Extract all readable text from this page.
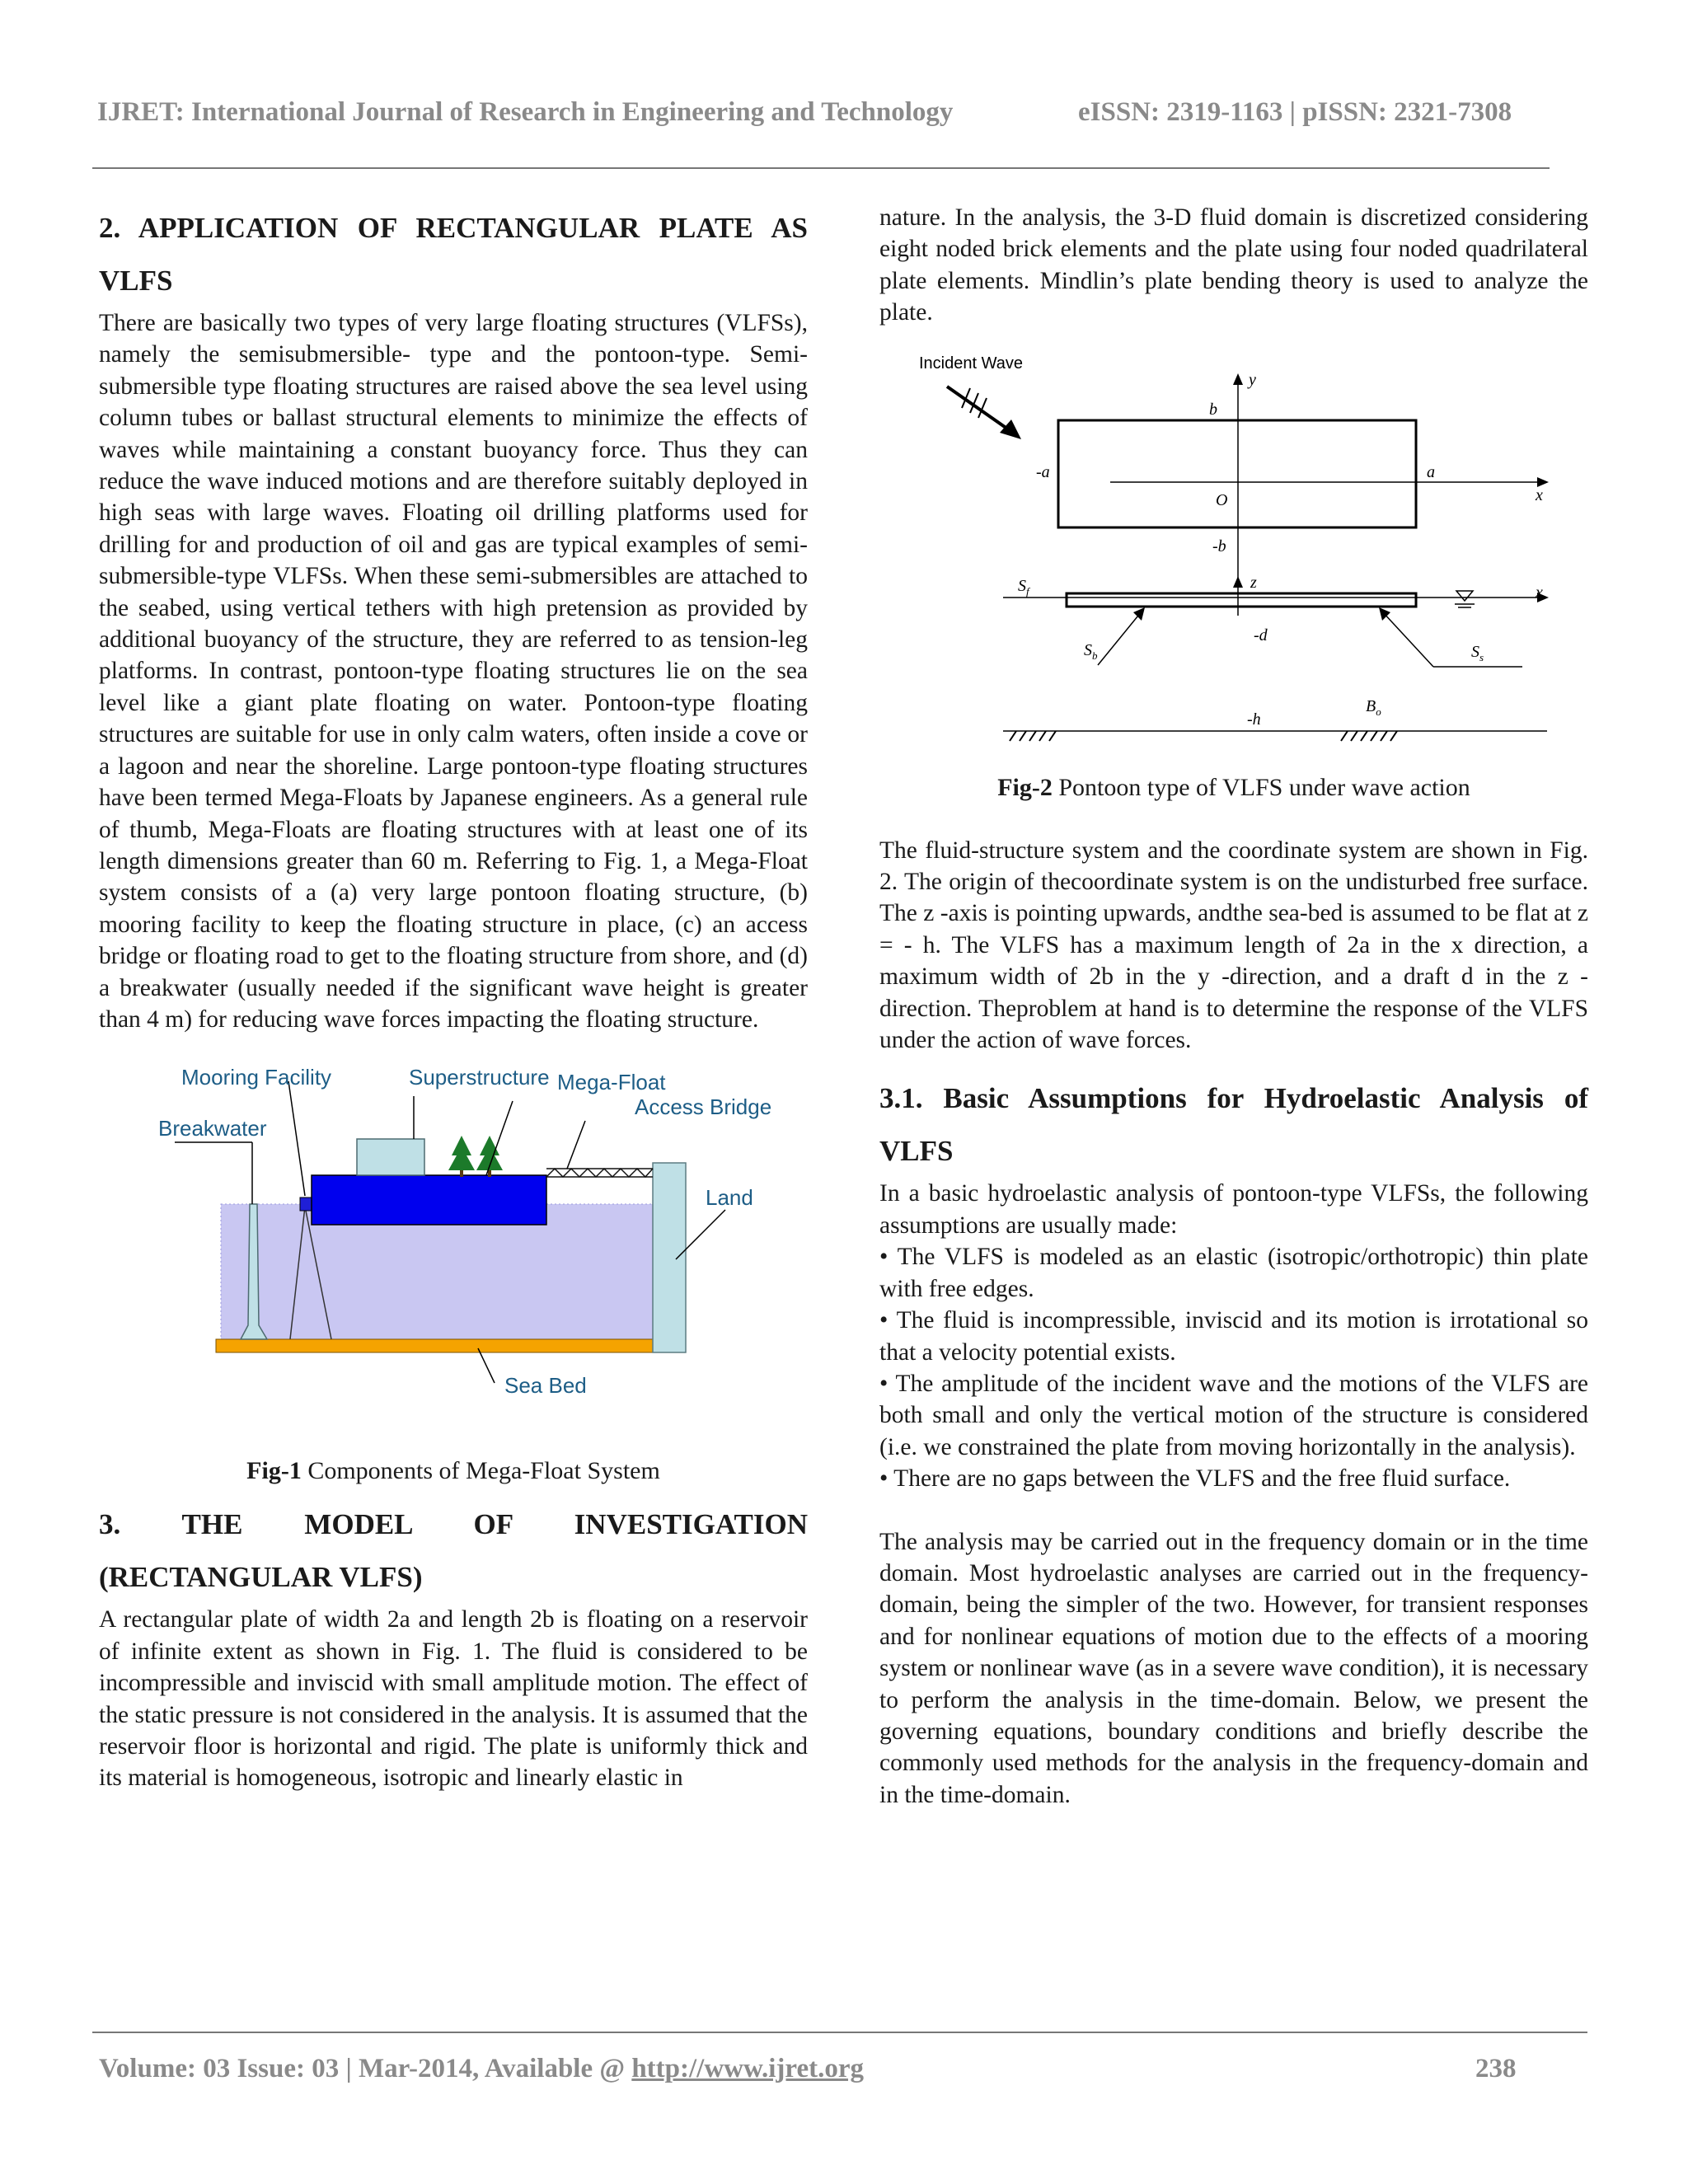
IJRET: International Journal of Research in Engineering and Technology	eISSN: 2319-1163 | pISSN: 2321-7308
2. APPLICATION OF RECTANGULAR PLATE AS VLFS

There are basically two types of very large floating structures (VLFSs), namely the semisubmersible- type and the pontoon-type. Semi-submersible type floating structures are raised above the sea level using column tubes or ballast structural elements to minimize the effects of waves while maintaining a constant buoyancy force. Thus they can reduce the wave induced motions and are therefore suitably deployed in high seas with large waves. Floating oil drilling platforms used for drilling for and production of oil and gas are typical examples of semi-submersible-type VLFSs. When these semi-submersibles are attached to the seabed, using vertical tethers with high pretension as provided by additional buoyancy of the structure, they are referred to as tension-leg platforms. In contrast, pontoon-type floating structures lie on the sea level like a giant plate floating on water. Pontoon-type floating structures are suitable for use in only calm waters, often inside a cove or a lagoon and near the shoreline. Large pontoon-type floating structures have been termed Mega-Floats by Japanese engineers. As a general rule of thumb, Mega-Floats are floating structures with at least one of its length dimensions greater than 60 m. Referring to Fig. 1, a Mega-Float system consists of a (a) very large pontoon floating structure, (b) mooring facility to keep the floating structure in place, (c) an access bridge or floating road to get to the floating structure from shore, and (d) a breakwater (usually needed if the significant wave height is greater than 4 m) for reducing wave forces impacting the floating structure.

Mooring Facility	Superstructure Mega-Float
Access Bridge
Breakwater
Land
Sea Bed

Fig-1 Components of Mega-Float System

3. THE MODEL OF INVESTIGATION
(RECTANGULAR VLFS)

A rectangular plate of width 2a and length 2b is floating on a reservoir of infinite extent as shown in Fig. 1. The fluid is considered to be incompressible and inviscid with small amplitude motion. The effect of the static pressure is not considered in the analysis. It is assumed that the reservoir floor is horizontal and rigid. The plate is uniformly thick and its material is homogeneous, isotropic and linearly elastic in

nature. In the analysis, the 3-D fluid domain is discretized considering eight noded brick elements and the plate using four noded quadrilateral plate elements. Mindlin’s plate bending theory is used to analyze the plate.

Incident Wave
y
b
-a	a
x
O
-b
$S_f$	z
x
$S_b$
-d
$S_s$
-h
$B_o$

Fig-2 Pontoon type of VLFS under wave action

The fluid-structure system and the coordinate system are shown in Fig. 2. The origin of thecoordinate system is on the undisturbed free surface. The z -axis is pointing upwards, andthe sea-bed is assumed to be flat at z = - h. The VLFS has a maximum length of 2a in the x direction, a maximum width of 2b in the y -direction, and a draft d in the z -direction. Theproblem at hand is to determine the response of the VLFS under the action of wave forces.

3.1. Basic Assumptions for Hydroelastic Analysis of VLFS

In a basic hydroelastic analysis of pontoon-type VLFSs, the following assumptions are usually made:

• The VLFS is modeled as an elastic (isotropic/orthotropic) thin plate with free edges.
• The fluid is incompressible, inviscid and its motion is irrotational so that a velocity potential exists.
• The amplitude of the incident wave and the motions of the VLFS are both small and only the vertical motion of the structure is considered (i.e. we constrained the plate from moving horizontally in the analysis).
• There are no gaps between the VLFS and the free fluid surface.

The analysis may be carried out in the frequency domain or in the time domain. Most hydroelastic analyses are carried out in the frequency-domain, being the simpler of the two. However, for transient responses and for nonlinear equations of motion due to the effects of a mooring system or nonlinear wave (as in a severe wave condition), it is necessary to perform the analysis in the time-domain. Below, we present the governing equations, boundary conditions and briefly describe the commonly used methods for the analysis in the frequency-domain and in the time-domain.

Volume: 03 Issue: 03 | Mar-2014, Available @ http://www.ijret.org	238
